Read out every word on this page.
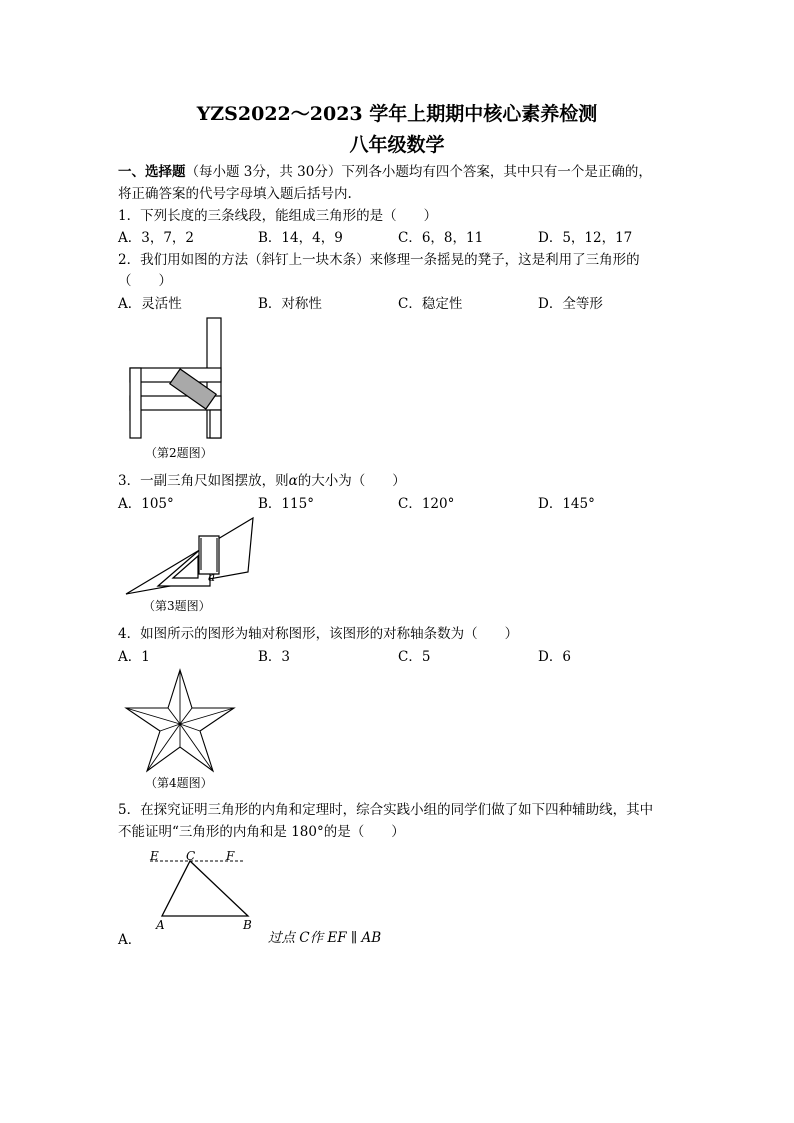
YZS2022～2023 学年上期期中核心素养检测
八年级数学
一、选择题（每小题 3分，共 30分）下列各小题均有四个答案，其中只有一个是正确的，
将正确答案的代号字母填入题后括号内.
1．下列长度的三条线段，能组成三角形的是（　　）
A．3，7，2	B．14，4，9	C．6，8，11	D．5，12，17
2．我们用如图的方法（斜钉上一块木条）来修理一条摇晃的凳子，这是利用了三角形的
（　　）
A．灵活性	B．对称性	C．稳定性	D．全等形
（第2题图）
3．一副三角尺如图摆放，则α的大小为（　　）
A．105°	B．115°	C．120°	D．145°
a
（第3题图）
4．如图所示的图形为轴对称图形，该图形的对称轴条数为（　　）
A．1	B．3	C．5	D．6
（第4题图）
5．在探究证明三角形的内角和定理时，综合实践小组的同学们做了如下四种辅助线，其中
不能证明“三角形的内角和是 180°的是（　　）
E C	F
A	B
A．	过点 C作 EF ∥ AB
